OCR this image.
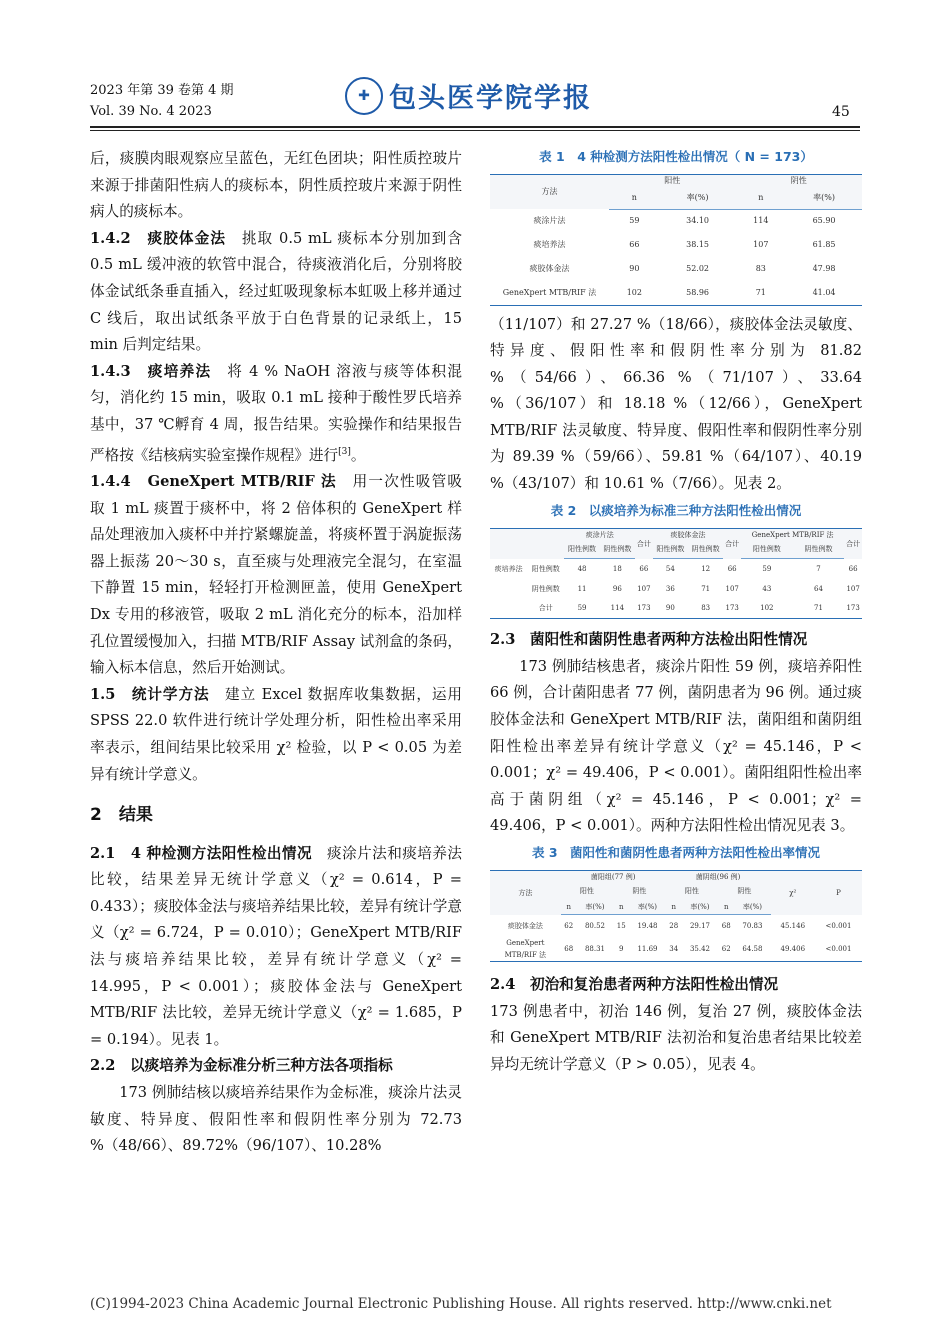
2023 年第 39 卷第 4 期
Vol. 39 No. 4 2023
✚ 包头医学院学报	45

后，痰膜肉眼观察应呈蓝色，无红色团块；阳性质控玻片来源于排菌阳性病人的痰标本，阴性质控玻片来源于阴性病人的痰标本。

1.4.2　痰胶体金法　挑取 0.5 mL 痰标本分别加到含 0.5 mL 缓冲液的软管中混合，待痰液消化后，分别将胶体金试纸条垂直插入，经过虹吸现象标本虹吸上移并通过 C 线后，取出试纸条平放于白色背景的记录纸上，15 min 后判定结果。

1.4.3　痰培养法　将 4 % NaOH 溶液与痰等体积混匀，消化约 15 min，吸取 0.1 mL 接种于酸性罗氏培养基中，37 ℃孵育 4 周，报告结果。实验操作和结果报告严格按《结核病实验室操作规程》进行[3]。

1.4.4　GeneXpert MTB/RIF 法　用一次性吸管吸取 1 mL 痰置于痰杯中，将 2 倍体积的 GeneXpert 样品处理液加入痰杯中并拧紧螺旋盖，将痰杯置于涡旋振荡器上振荡 20～30 s，直至痰与处理液完全混匀，在室温下静置 15 min，轻轻打开检测匣盖，使用 GeneXpert Dx 专用的移液管，吸取 2 mL 消化充分的标本，沿加样孔位置缓慢加入，扫描 MTB/RIF Assay 试剂盒的条码，输入标本信息，然后开始测试。

1.5　统计学方法　建立 Excel 数据库收集数据，运用 SPSS 22.0 软件进行统计学处理分析，阳性检出率采用率表示，组间结果比较采用 χ² 检验，以 P < 0.05 为差异有统计学意义。

2　结果

2.1　4 种检测方法阳性检出情况　痰涂片法和痰培养法比较，结果差异无统计学意义（χ² = 0.614，P = 0.433）；痰胶体金法与痰培养结果比较，差异有统计学意义（χ² = 6.724，P = 0.010）；GeneXpert MTB/RIF 法与痰培养结果比较，差异有统计学意义（χ² = 14.995，P < 0.001）；痰胶体金法与 GeneXpert MTB/RIF 法比较，差异无统计学意义（χ² = 1.685，P = 0.194）。见表 1。

2.2　以痰培养为金标准分析三种方法各项指标

173 例肺结核以痰培养结果作为金标准，痰涂片法灵敏度、特异度、假阳性率和假阴性率分别为 72.73 %（48/66）、89.72%（96/107）、10.28%

表 1　4 种检测方法阳性检出情况（ N = 173）
方法	阳性		阴性	
	n	率(%)	n	率(%)
痰涂片法	59	34.10	114	65.90
痰培养法	66	38.15	107	61.85
痰胶体金法	90	52.02	83	47.98
GeneXpert MTB/RIF 法	102	58.96	71	41.04

（11/107）和 27.27 %（18/66），痰胶体金法灵敏度、特异度、假阳性率和假阴性率分别为 81.82 %（54/66）、66.36 %（71/107）、33.64 %（36/107）和 18.18 %（12/66），GeneXpert MTB/RIF 法灵敏度、特异度、假阳性率和假阴性率分别为 89.39 %（59/66）、59.81 %（64/107）、40.19 %（43/107）和 10.61 %（7/66）。见表 2。

表 2　以痰培养为标准三种方法阳性检出情况
		痰涂片法		合计	痰胶体金法		合计	GeneXpert MTB/RIF 法		合计
		阳性例数	阴性例数		阳性例数	阴性例数		阳性例数	阴性例数	
痰培养法	阳性例数	48	18	66	54	12	66	59	7	66
	阴性例数	11	96	107	36	71	107	43	64	107
	合计	59	114	173	90	83	173	102	71	173

2.3　菌阳性和菌阴性患者两种方法检出阳性情况

173 例肺结核患者，痰涂片阳性 59 例，痰培养阳性 66 例，合计菌阳患者 77 例，菌阴患者为 96 例。通过痰胶体金法和 GeneXpert MTB/RIF 法，菌阳组和菌阴组阳性检出率差异有统计学意义（χ² = 45.146，P < 0.001；χ² = 49.406，P < 0.001）。菌阳组阳性检出率高于菌阴组（χ² = 45.146，P < 0.001；χ² = 49.406，P < 0.001）。两种方法阳性检出情况见表 3。

表 3　菌阳性和菌阴性患者两种方法阳性检出率情况
方法	菌阳组(77 例)				菌阴组(96 例)				χ²	P
	阳性		阴性		阳性		阴性			
	n	率(%)	n	率(%)	n	率(%)	n	率(%)		
痰胶体金法	62	80.52	15	19.48	28	29.17	68	70.83	45.146	<0.001
GeneXpert MTB/RIF 法	68	88.31	9	11.69	34	35.42	62	64.58	49.406	<0.001

2.4　初治和复治患者两种方法阳性检出情况

173 例患者中，初治 146 例，复治 27 例，痰胶体金法和 GeneXpert MTB/RIF 法初治和复治患者结果比较差异均无统计学意义（P > 0.05），见表 4。

(C)1994-2023 China Academic Journal Electronic Publishing House. All rights reserved. http://www.cnki.net
